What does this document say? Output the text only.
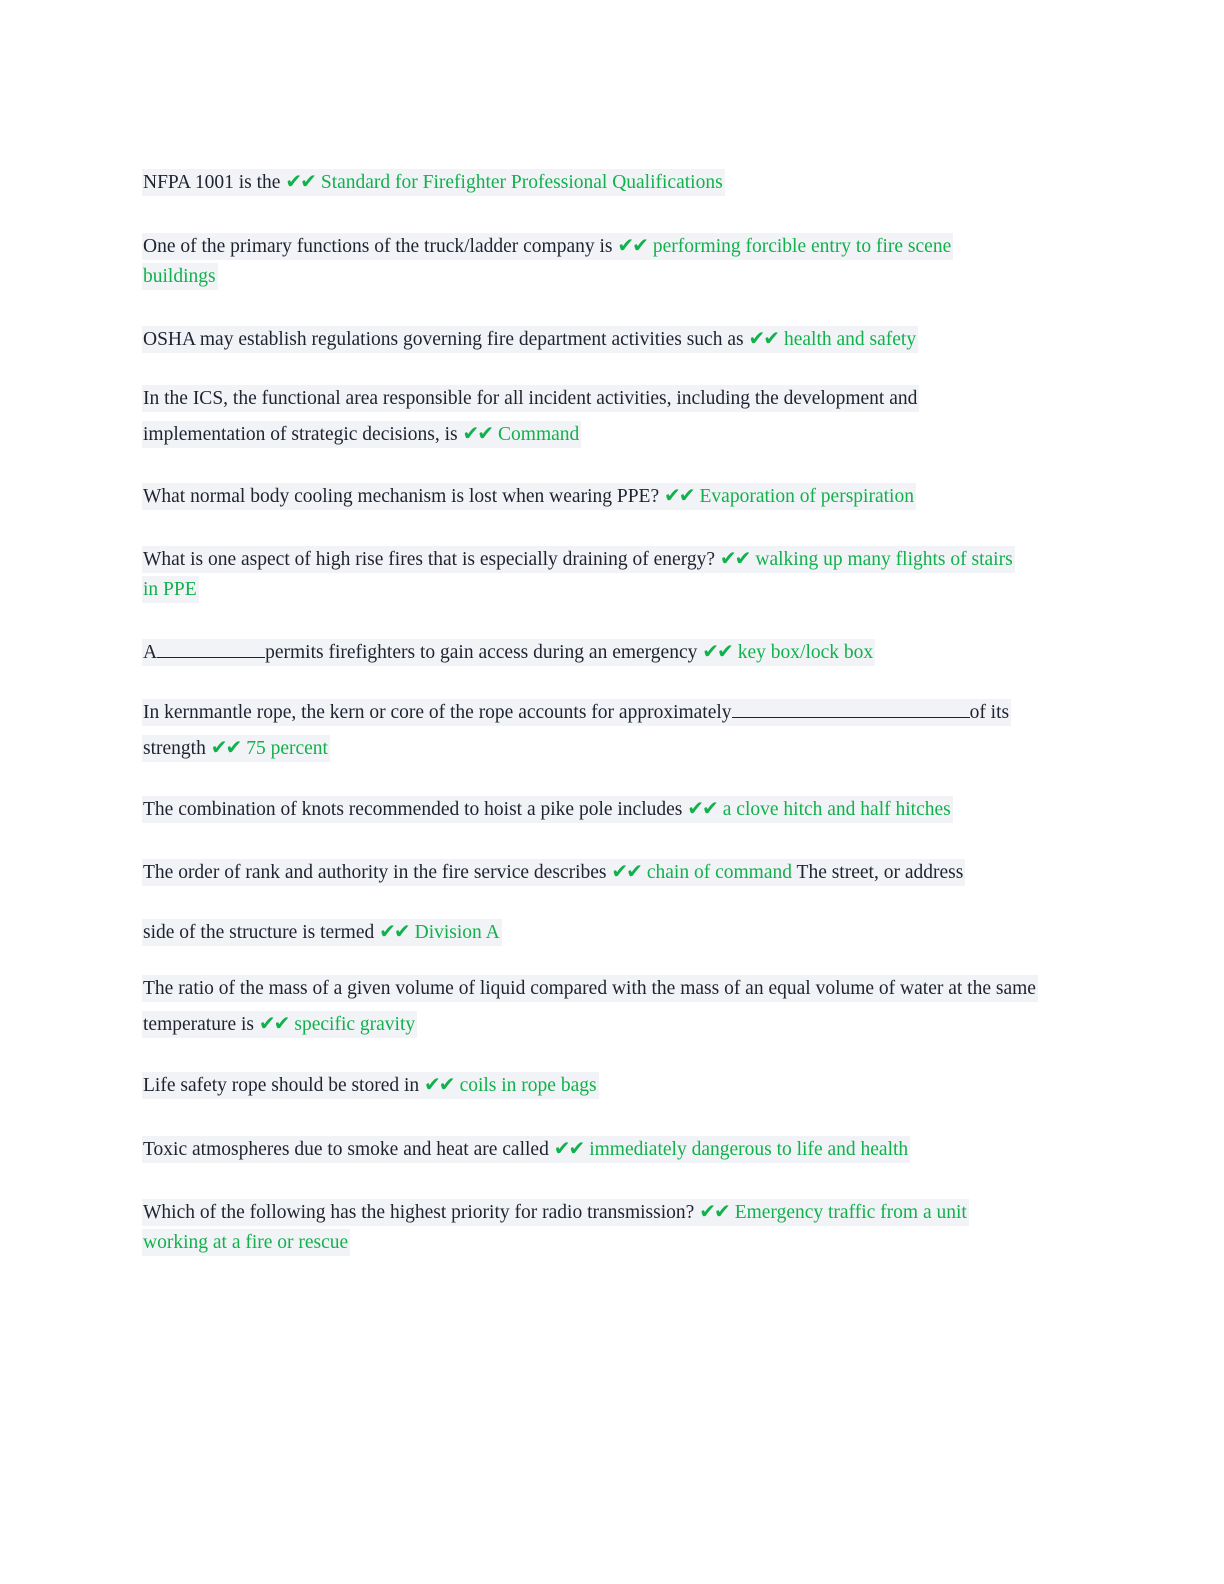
NFPA 1001 is the ✔✔ Standard for Firefighter Professional Qualifications

One of the primary functions of the truck/ladder company is ✔✔ performing forcible entry to fire scene buildings

OSHA may establish regulations governing fire department activities such as ✔✔ health and safety

In the ICS, the functional area responsible for all incident activities, including the development and implementation of strategic decisions, is ✔✔ Command

What normal body cooling mechanism is lost when wearing PPE? ✔✔ Evaporation of perspiration

What is one aspect of high rise fires that is especially draining of energy? ✔✔ walking up many flights of stairs in PPE

A	permits firefighters to gain access during an emergency ✔✔ key box/lock box

In kernmantle rope, the kern or core of the rope accounts for approximately	of its strength ✔✔ 75 percent

The combination of knots recommended to hoist a pike pole includes ✔✔ a clove hitch and half hitches

The order of rank and authority in the fire service describes ✔✔ chain of command The street, or address

side of the structure is termed ✔✔ Division A

The ratio of the mass of a given volume of liquid compared with the mass of an equal volume of water at the same temperature is ✔✔ specific gravity

Life safety rope should be stored in ✔✔ coils in rope bags

Toxic atmospheres due to smoke and heat are called ✔✔ immediately dangerous to life and health

Which of the following has the highest priority for radio transmission? ✔✔ Emergency traffic from a unit working at a fire or rescue
